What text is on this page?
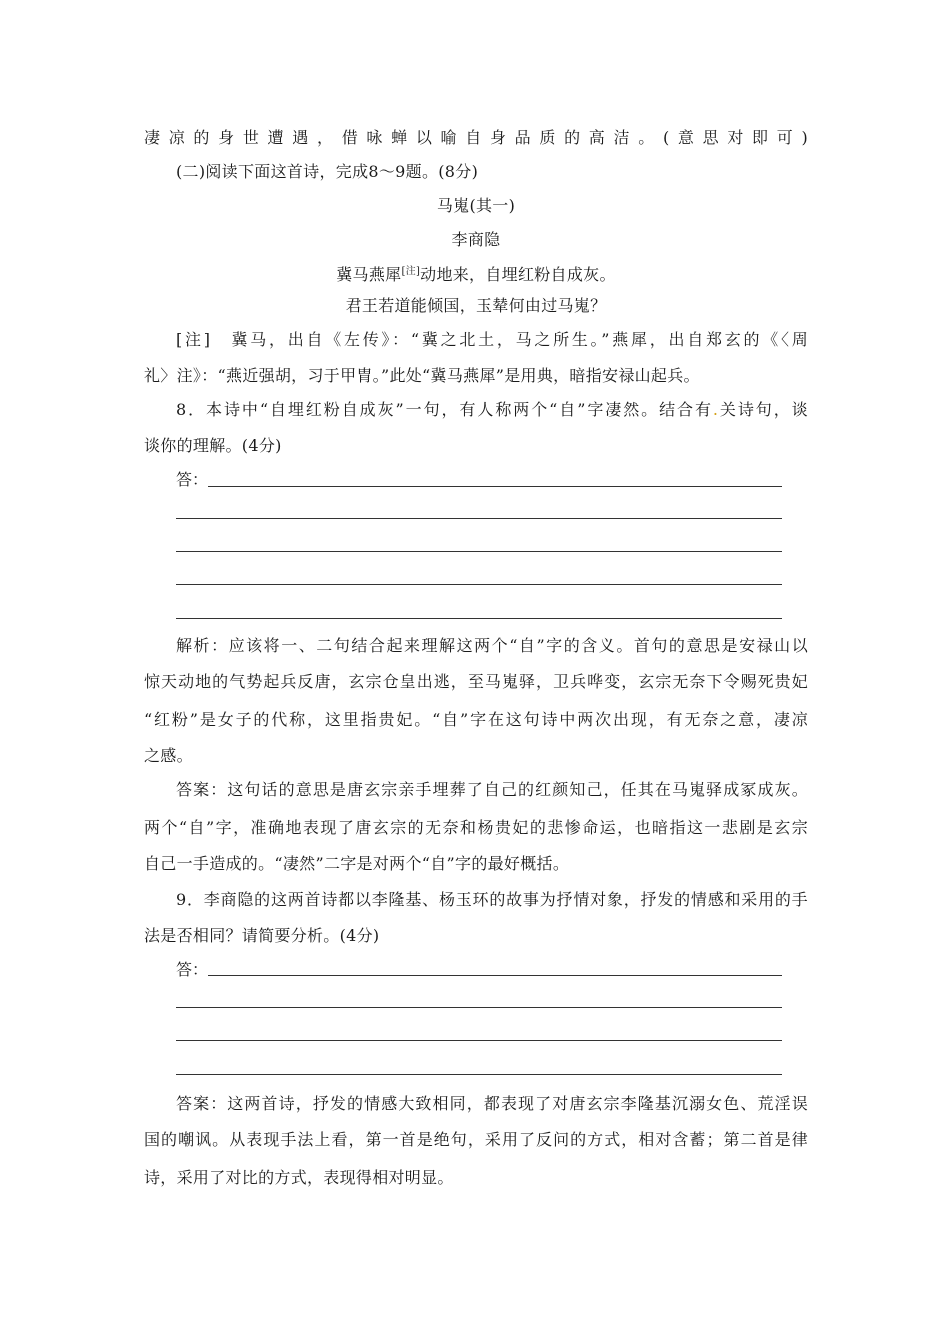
凄凉的身世遭遇，借咏蝉以喻自身品质的高洁。(意思对即可)
(二)阅读下面这首诗，完成8～9题。(8分)
马嵬(其一)
李商隐
冀马燕犀[注]动地来，自埋红粉自成灰。
君王若道能倾国，玉辇何由过马嵬？
[注]　冀马，出自《左传》：“冀之北土，马之所生。”燕犀，出自郑玄的《〈周
礼〉注》：“燕近强胡，习于甲胄。”此处“冀马燕犀”是用典，暗指安禄山起兵。
8．本诗中“自埋红粉自成灰”一句，有人称两个“自”字凄然。结合有.关诗句，谈
谈你的理解。(4分)
答：
解析：应该将一、二句结合起来理解这两个“自”字的含义。首句的意思是安禄山以
惊天动地的气势起兵反唐，玄宗仓皇出逃，至马嵬驿，卫兵哗变，玄宗无奈下令赐死贵妃
“红粉”是女子的代称，这里指贵妃。“自”字在这句诗中两次出现，有无奈之意，凄凉
之感。
答案：这句话的意思是唐玄宗亲手埋葬了自己的红颜知己，任其在马嵬驿成冢成灰。
两个“自”字，准确地表现了唐玄宗的无奈和杨贵妃的悲惨命运，也暗指这一悲剧是玄宗
自己一手造成的。“凄然”二字是对两个“自”字的最好概括。
9．李商隐的这两首诗都以李隆基、杨玉环的故事为抒情对象，抒发的情感和采用的手
法是否相同？请简要分析。(4分)
答：
答案：这两首诗，抒发的情感大致相同，都表现了对唐玄宗李隆基沉溺女色、荒淫误
国的嘲讽。从表现手法上看，第一首是绝句，采用了反问的方式，相对含蓄；第二首是律
诗，采用了对比的方式，表现得相对明显。
